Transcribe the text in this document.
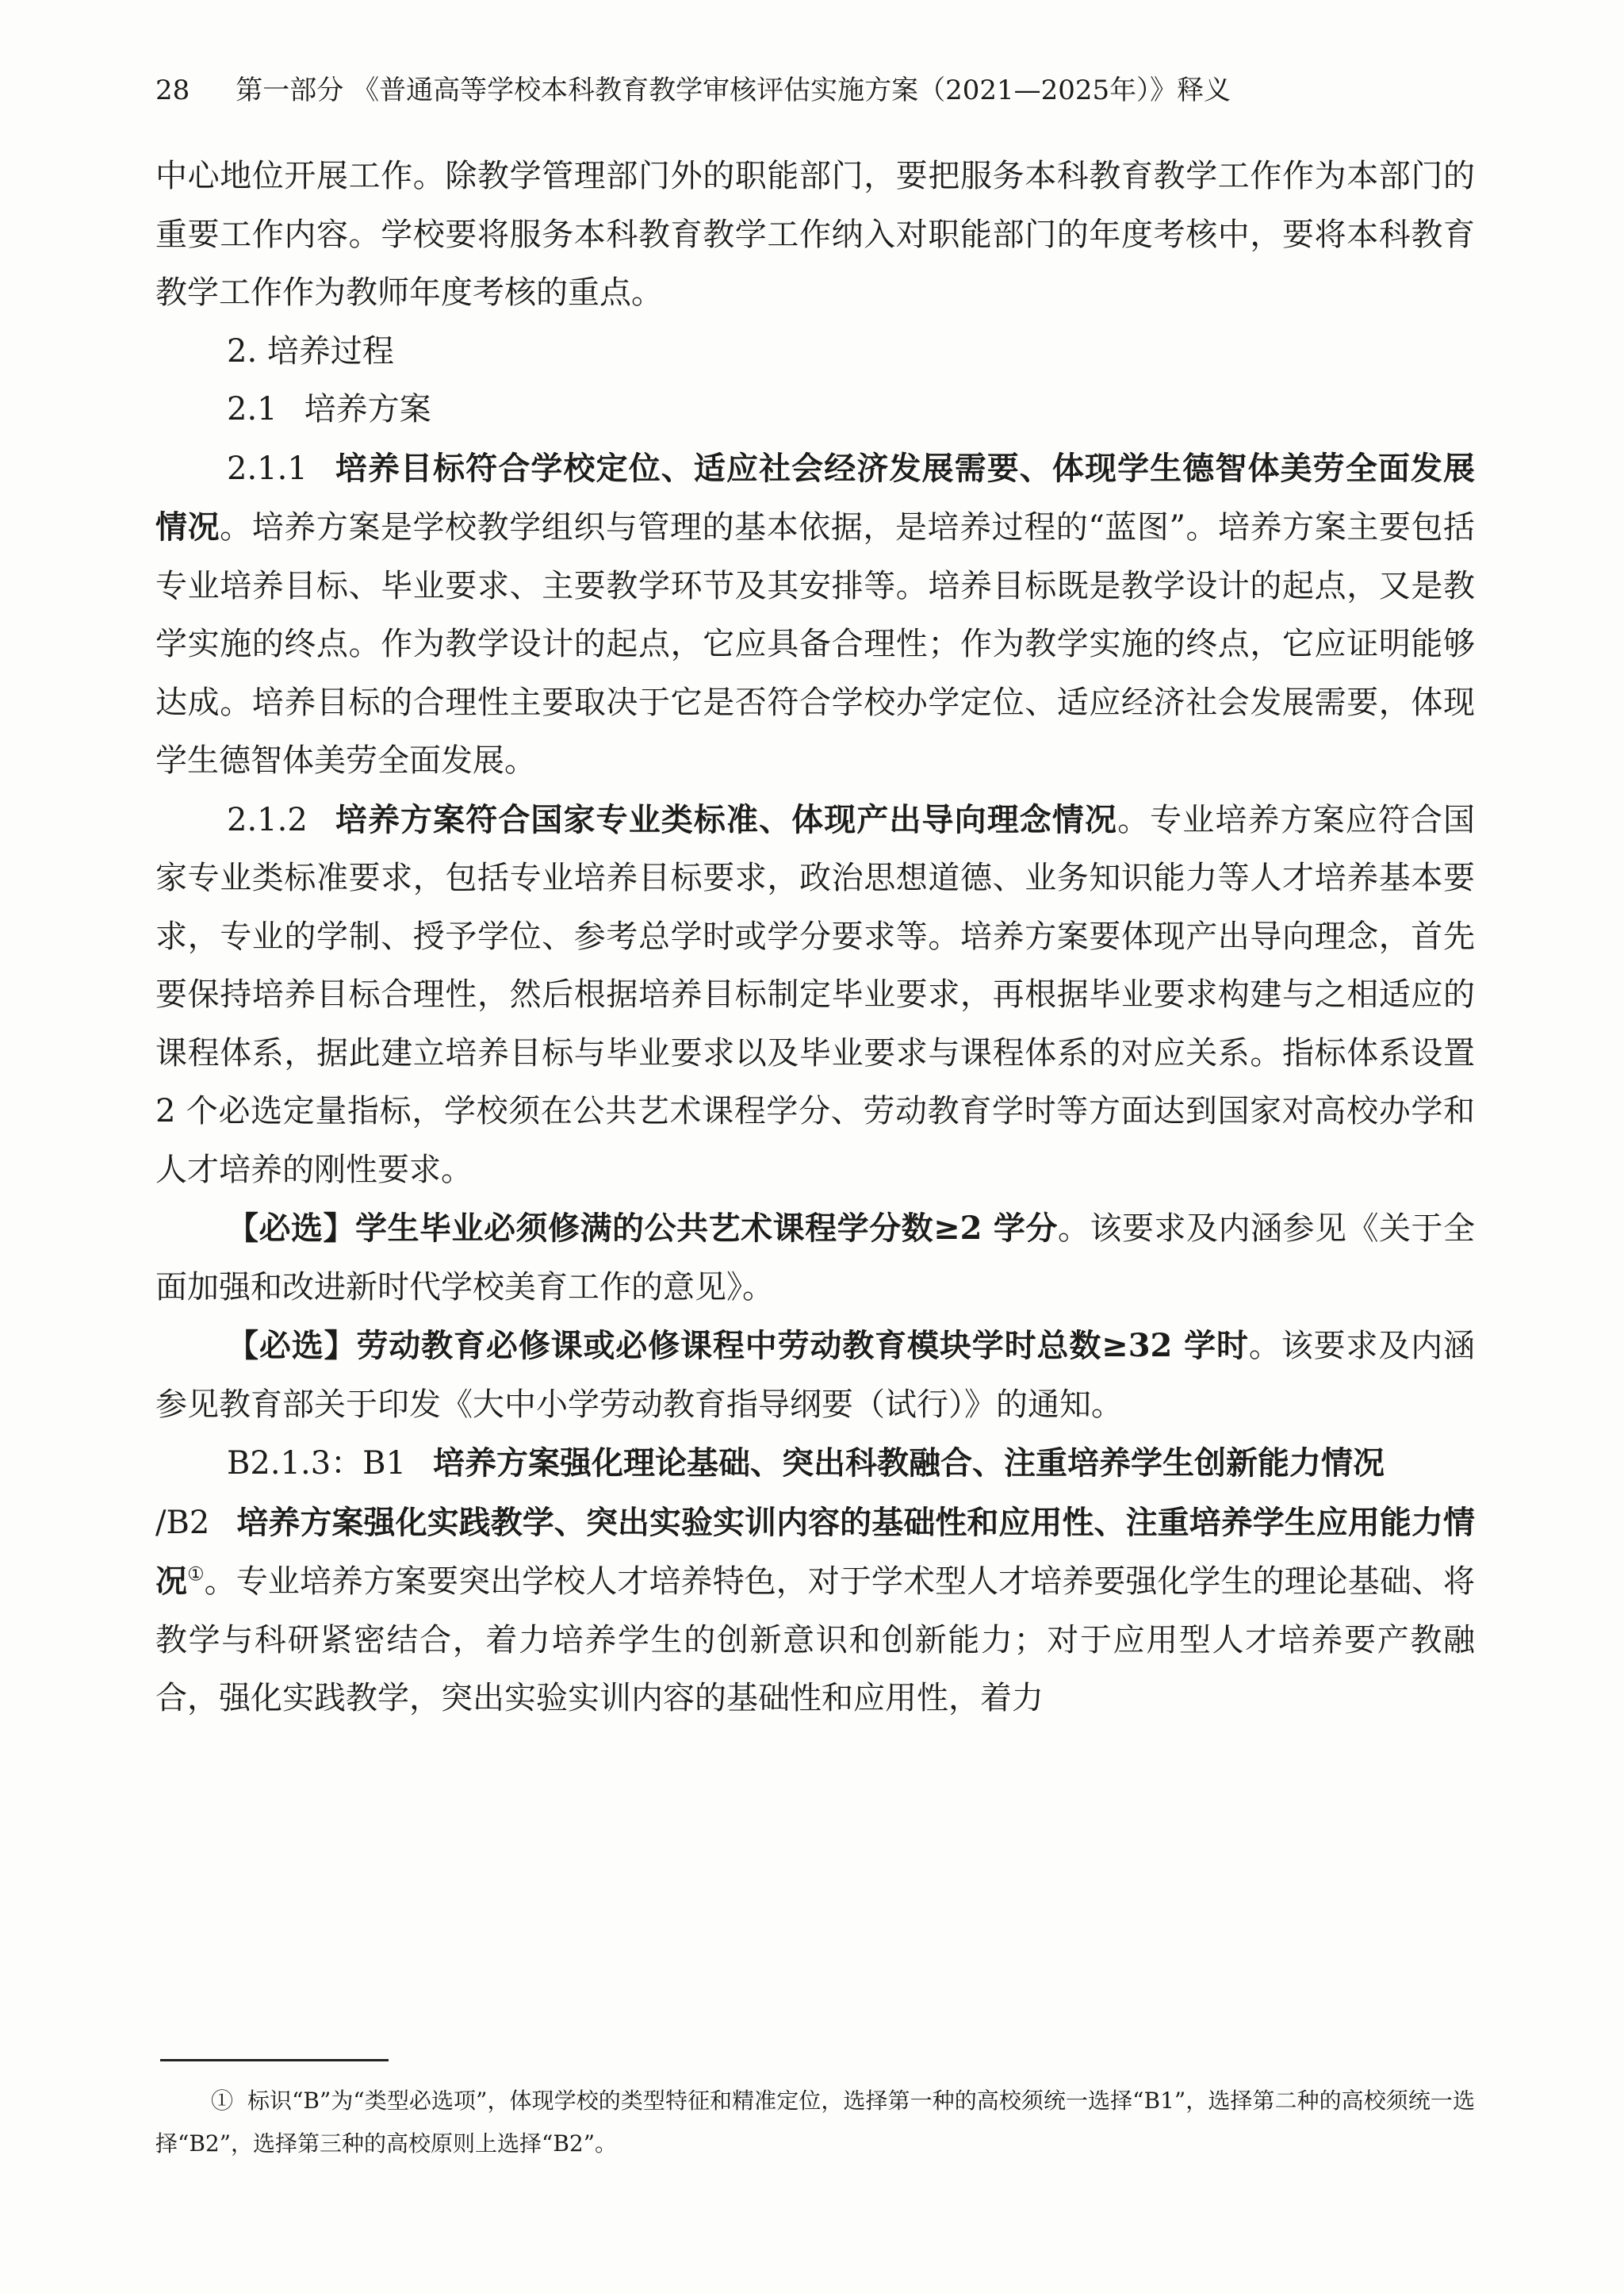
28 第一部分 《普通高等学校本科教育教学审核评估实施方案（2021—2025年）》释义

中心地位开展工作。除教学管理部门外的职能部门，要把服务本科教育教学工作作为本部门的重要工作内容。学校要将服务本科教育教学工作纳入对职能部门的年度考核中，要将本科教育教学工作作为教师年度考核的重点。

2. 培养过程

2.1 培养方案

2.1.1 培养目标符合学校定位、适应社会经济发展需要、体现学生德智体美劳全面发展情况。培养方案是学校教学组织与管理的基本依据，是培养过程的“蓝图”。培养方案主要包括专业培养目标、毕业要求、主要教学环节及其安排等。培养目标既是教学设计的起点，又是教学实施的终点。作为教学设计的起点，它应具备合理性；作为教学实施的终点，它应证明能够达成。培养目标的合理性主要取决于它是否符合学校办学定位、适应经济社会发展需要，体现学生德智体美劳全面发展。

2.1.2 培养方案符合国家专业类标准、体现产出导向理念情况。专业培养方案应符合国家专业类标准要求，包括专业培养目标要求，政治思想道德、业务知识能力等人才培养基本要求，专业的学制、授予学位、参考总学时或学分要求等。培养方案要体现产出导向理念，首先要保持培养目标合理性，然后根据培养目标制定毕业要求，再根据毕业要求构建与之相适应的课程体系，据此建立培养目标与毕业要求以及毕业要求与课程体系的对应关系。指标体系设置 2 个必选定量指标，学校须在公共艺术课程学分、劳动教育学时等方面达到国家对高校办学和人才培养的刚性要求。

【必选】学生毕业必须修满的公共艺术课程学分数≥2 学分。该要求及内涵参见《关于全面加强和改进新时代学校美育工作的意见》。

【必选】劳动教育必修课或必修课程中劳动教育模块学时总数≥32 学时。该要求及内涵参见教育部关于印发《大中小学劳动教育指导纲要（试行）》的通知。

B2.1.3：B1 培养方案强化理论基础、突出科教融合、注重培养学生创新能力情况
/B2 培养方案强化实践教学、突出实验实训内容的基础性和应用性、注重培养学生应用能力情况①。专业培养方案要突出学校人才培养特色，对于学术型人才培养要强化学生的理论基础、将教学与科研紧密结合，着力培养学生的创新意识和创新能力；对于应用型人才培养要产教融合，强化实践教学，突出实验实训内容的基础性和应用性，着力

① 标识“B”为“类型必选项”，体现学校的类型特征和精准定位，选择第一种的高校须统一选择“B1”，选择第二种的高校须统一选择“B2”，选择第三种的高校原则上选择“B2”。
